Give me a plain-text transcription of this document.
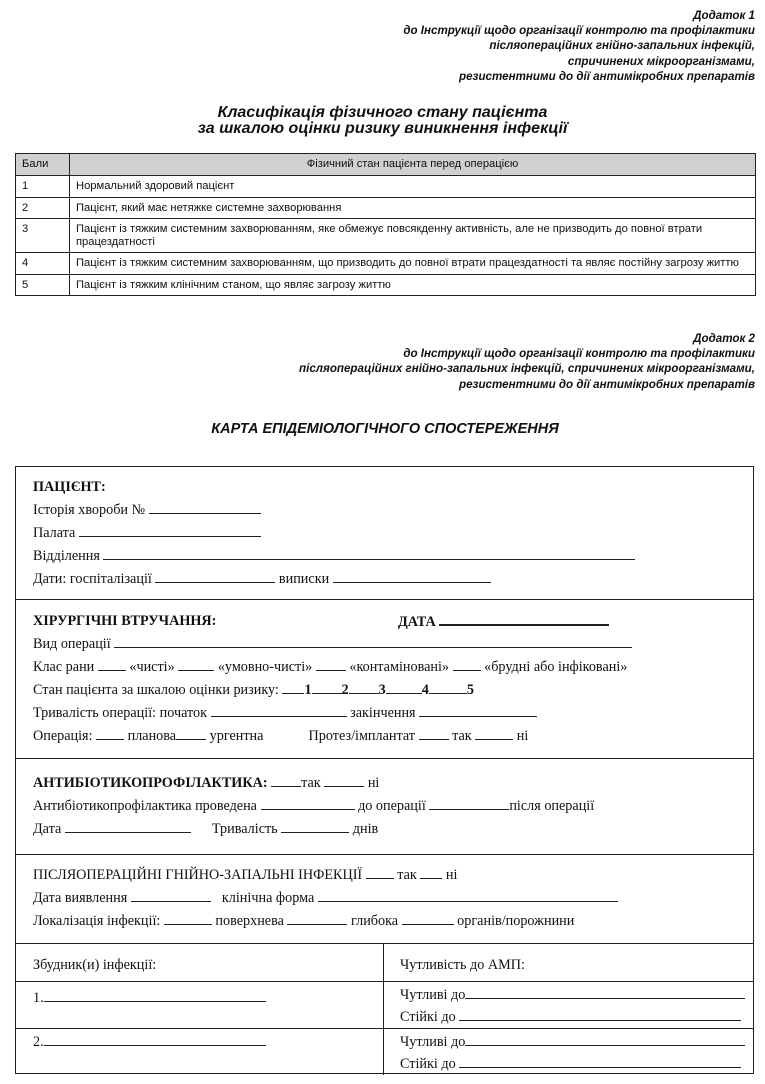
Додаток 1
до Інструкції щодо організації контролю та профілактики
післяопераційних гнійно-запальних інфекцій,
спричинених мікроорганізмами,
резистентними до дії антимікробних препаратів
Класифікація фізичного стану пацієнта
за шкалою оцінки ризику виникнення інфекції
Бали	Фізичний стан пацієнта перед операцією
1	Нормальний здоровий пацієнт
2	Пацієнт, який має нетяжке системне захворювання
3	Пацієнт із тяжким системним захворюванням, яке обмежує повсякденну активність, але не призводить до повної втрати працездатності
4	Пацієнт із тяжким системним захворюванням, що призводить до повної втрати працездатності та являє постійну загрозу життю
5	Пацієнт із тяжким клінічним станом, що являє загрозу життю
Додаток 2
до Інструкції щодо організації контролю та профілактики
післяопераційних гнійно-запальних інфекцій, спричинених мікроорганізмами,
резистентними до дії антимікробних препаратів
КАРТА ЕПІДЕМІОЛОГІЧНОГО СПОСТЕРЕЖЕННЯ
ПАЦІЄНТ:
Історія хвороби №
Палата
Відділення
Дати: госпіталізації	виписки
ХІРУРГІЧНІ ВТРУЧАННЯ:	ДАТА
Вид операції
Клас рани «чисті»	«умовно-чисті»	«контаміновані» «брудні або інфіковані»
Стан пацієнта за шкалою оцінки ризику: 1 2 3	4	5
Тривалість операції: початок	закінчення
Операція: планова ургентна	Протез/імплантат	так	ні
АНТИБІОТИКОПРОФІЛАКТИКА: так	ні
Антибіотикопрофілактика проведена	до операції	після операції
Дата	Тривалість	днів
ПІСЛЯОПЕРАЦІЙНІ ГНІЙНО-ЗАПАЛЬНІ ІНФЕКЦІЇ так ні
Дата виявлення	клінічна форма
Локалізація інфекції:	поверхнева	глибока	органів/порожнини
Збудник(и) інфекції:	Чутливість до АМП:
1.	Чутливі до
Стійкі до
2.	Чутливі до
Стійкі до
